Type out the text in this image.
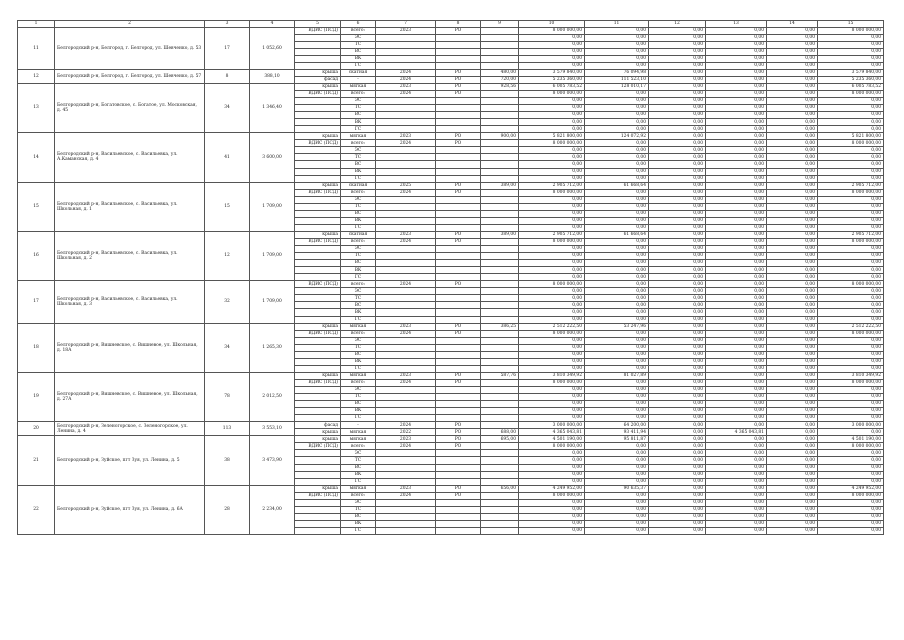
1	2	3	4	5	6	7	8	9	10	11	12	13	14	15
11	Белгородский р-н, Белгород, г. Белгород, ул. Шевченко, д. 53	17	1 052,60	ВДИС (ПСД)	всего:	2023	РО		8 000 000,00	0,00	0,00	0,00	0,00	8 000 000,00
					ЭС				0,00	0,00	0,00	0,00	0,00	0,00
					ТС				0,00	0,00	0,00	0,00	0,00	0,00
					ВС				0,00	0,00	0,00	0,00	0,00	0,00
					ВК				0,00	0,00	0,00	0,00	0,00	0,00
					ГС				0,00	0,00	0,00	0,00	0,00	0,00
12	Белгородский р-н, Белгород, г. Белгород, ул. Шевченко, д. 57	8	388,10	крыша	скатная	2024	РО	480,00	3 579 840,00	76 094,98	0,00	0,00	0,00	3 579 840,00
				фасад	-	2024	РО	720,00	5 235 360,00	111 523,10	0,00	0,00	0,00	5 235 360,00
13	Белгородский р-н, Богатовское, с. Богатое, ул. Московская, д. 45	34	1 346,40	крыша	мягкая	2023	РО	928,56	6 005 783,52	128 010,17	0,00	0,00	0,00	6 005 783,52
				ВДИС (ПСД)	всего:	2024	РО		8 000 000,00	0,00	0,00	0,00	0,00	8 000 000,00
					ЭС				0,00	0,00	0,00	0,00	0,00	0,00
					ТС				0,00	0,00	0,00	0,00	0,00	0,00
					ВС				0,00	0,00	0,00	0,00	0,00	0,00
					ВК				0,00	0,00	0,00	0,00	0,00	0,00
					ГС				0,00	0,00	0,00	0,00	0,00	0,00
14	Белгородский р-н, Васильевское, с. Васильевка, ул. А.Каманская, д. 4	41	3 600,00	крыша	мягкая	2023	РО	900,00	5 821 800,00	124 072,92	0,00	0,00	0,00	5 821 800,00
				ВДИС (ПСД)	всего:	2024	РО		8 000 000,00	0,00	0,00	0,00	0,00	8 000 000,00
					ЭС				0,00	0,00	0,00	0,00	0,00	0,00
					ТС				0,00	0,00	0,00	0,00	0,00	0,00
					ВС				0,00	0,00	0,00	0,00	0,00	0,00
					ВК				0,00	0,00	0,00	0,00	0,00	0,00
					ГС				0,00	0,00	0,00	0,00	0,00	0,00
15	Белгородский р-н, Васильевское, с. Васильевка, ул. Школьная, д. 1	15	1 709,00	крыша	скатная	2025	РО	389,00	2 905 712,00	61 668,64	0,00	0,00	0,00	2 905 712,00
				ВДИС (ПСД)	всего:	2024	РО		8 000 000,00	0,00	0,00	0,00	0,00	8 000 000,00
					ЭС				0,00	0,00	0,00	0,00	0,00	0,00
					ТС				0,00	0,00	0,00	0,00	0,00	0,00
					ВС				0,00	0,00	0,00	0,00	0,00	0,00
					ВК				0,00	0,00	0,00	0,00	0,00	0,00
					ГС				0,00	0,00	0,00	0,00	0,00	0,00
16	Белгородский р-н, Васильевское, с. Васильевка, ул. Школьная, д. 2	12	1 709,00	крыша	скатная	2023	РО	389,00	2 905 712,00	61 668,64	0,00	0,00	0,00	2 905 712,00
				ВДИС (ПСД)	всего:	2024	РО		8 000 000,00	0,00	0,00	0,00	0,00	8 000 000,00
					ЭС				0,00	0,00	0,00	0,00	0,00	0,00
					ТС				0,00	0,00	0,00	0,00	0,00	0,00
					ВС				0,00	0,00	0,00	0,00	0,00	0,00
					ВК				0,00	0,00	0,00	0,00	0,00	0,00
					ГС				0,00	0,00	0,00	0,00	0,00	0,00
17	Белгородский р-н, Васильевское, с. Васильевка, ул. Школьная, д. 3	32	1 709,00	ВДИС (ПСД)	всего:	2024	РО		8 000 000,00	0,00	0,00	0,00	0,00	8 000 000,00
					ЭС				0,00	0,00	0,00	0,00	0,00	0,00
					ТС				0,00	0,00	0,00	0,00	0,00	0,00
					ВС				0,00	0,00	0,00	0,00	0,00	0,00
					ВК				0,00	0,00	0,00	0,00	0,00	0,00
					ГС				0,00	0,00	0,00	0,00	0,00	0,00
18	Белгородский р-н, Вишневское, с. Вишневое, ул. Школьная, д. 18А	34	1 265,30	крыша	мягкая	2023	РО	386,25	2 512 222,50	53 247,96	0,00	0,00	0,00	2 512 222,50
				ВДИС (ПСД)	всего:	2024	РО		8 000 000,00	0,00	0,00	0,00	0,00	8 000 000,00
					ЭС				0,00	0,00	0,00	0,00	0,00	0,00
					ТС				0,00	0,00	0,00	0,00	0,00	0,00
					ВС				0,00	0,00	0,00	0,00	0,00	0,00
					ВК				0,00	0,00	0,00	0,00	0,00	0,00
					ГС				0,00	0,00	0,00	0,00	0,00	0,00
19	Белгородский р-н, Вишневское, с. Вишневое, ул. Школьная, д. 27А	78	2 012,50	крыша	мягкая	2023	РО	587,76	3 810 349,92	81 027,89	0,00	0,00	0,00	3 810 349,92
				ВДИС (ПСД)	всего:	2024	РО		8 000 000,00	0,00	0,00	0,00	0,00	8 000 000,00
					ЭС				0,00	0,00	0,00	0,00	0,00	0,00
					ТС				0,00	0,00	0,00	0,00	0,00	0,00
					ВС				0,00	0,00	0,00	0,00	0,00	0,00
					ВК				0,00	0,00	0,00	0,00	0,00	0,00
					ГС				0,00	0,00	0,00	0,00	0,00	0,00
20	Белгородский р-н, Зеленогорское, с. Зеленогорское, ул. Ленина, д. 4	113	3 553,10	фасад	-	2024	РО		3 000 000,00	64 200,00	0,00	0,00	0,00	3 000 000,00
				крыша	мягкая	2022	РО	688,00	4 365 043,81	93 411,94	0,00	4 365 043,81	0,00	0,00
21	Белгородский р-н, Зуйское, пгт Зуя, ул. Ленина, д. 5	38	3 473,90	крыша	мягкая	2023	РО	695,00	4 501 190,00	95 811,87	0,00	0,00	0,00	4 501 190,00
				ВДИС (ПСД)	всего:	2024	РО		8 000 000,00	0,00	0,00	0,00	0,00	8 000 000,00
					ЭС				0,00	0,00	0,00	0,00	0,00	0,00
					ТС				0,00	0,00	0,00	0,00	0,00	0,00
					ВС				0,00	0,00	0,00	0,00	0,00	0,00
					ВК				0,00	0,00	0,00	0,00	0,00	0,00
					ГС				0,00	0,00	0,00	0,00	0,00	0,00
22	Белгородский р-н, Зуйское, пгт Зуя, ул. Ленина, д. 6А	28	2 234,00	крыша	мягкая	2023	РО	656,00	4 249 952,00	90 635,37	0,00	0,00	0,00	4 249 952,00
				ВДИС (ПСД)	всего:	2024	РО		8 000 000,00	0,00	0,00	0,00	0,00	8 000 000,00
					ЭС				0,00	0,00	0,00	0,00	0,00	0,00
					ТС				0,00	0,00	0,00	0,00	0,00	0,00
					ВС				0,00	0,00	0,00	0,00	0,00	0,00
					ВК				0,00	0,00	0,00	0,00	0,00	0,00
					ГС				0,00	0,00	0,00	0,00	0,00	0,00
